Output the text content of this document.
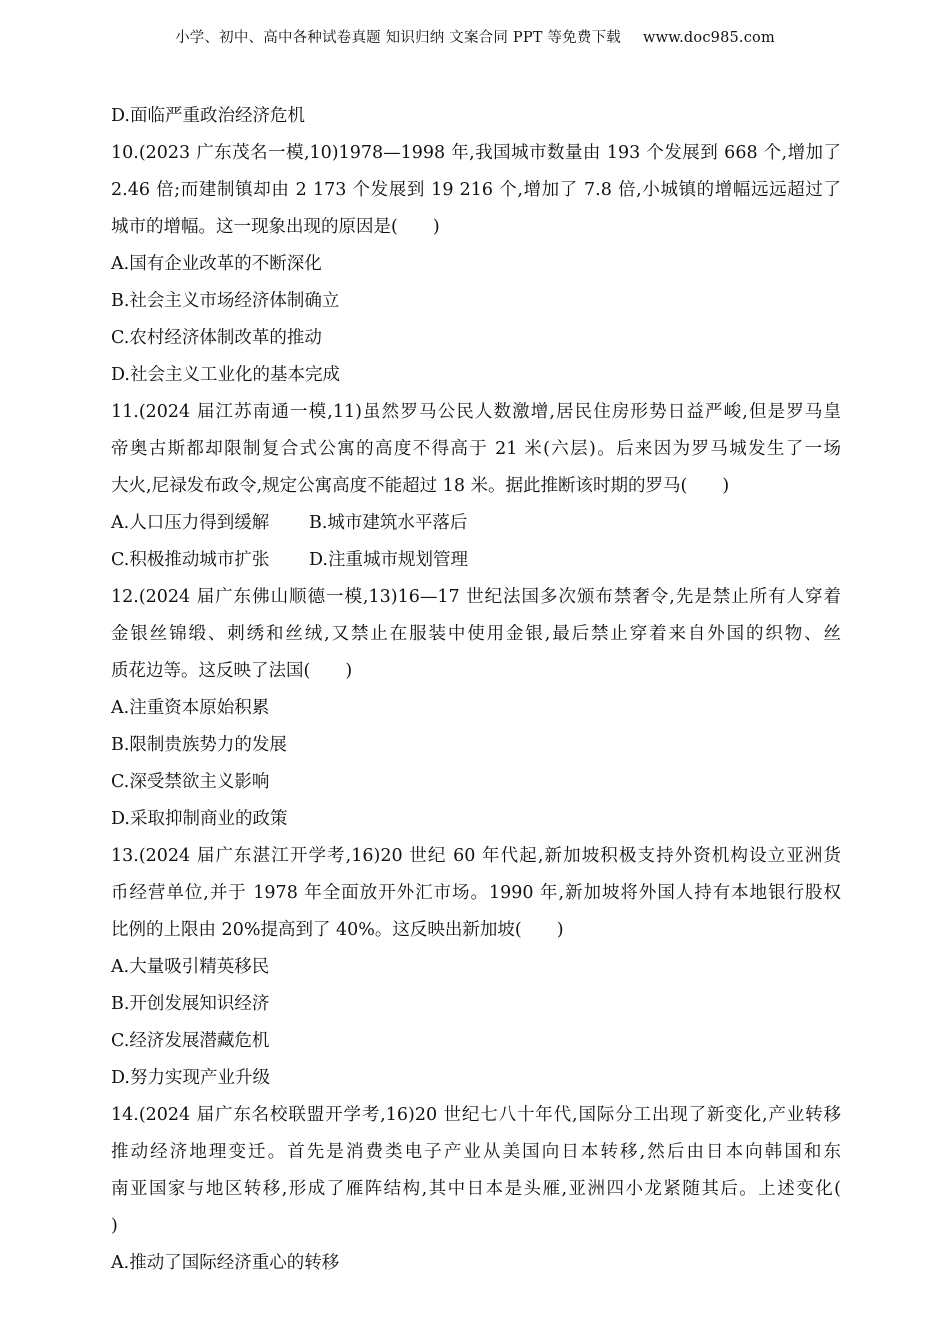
小学、初中、高中各种试卷真题 知识归纳 文案合同 PPT 等免费下载 www.doc985.com
D.面临严重政治经济危机
10.(2023 广东茂名一模,10)1978—1998 年,我国城市数量由 193 个发展到 668 个,增加了
2.46 倍;而建制镇却由 2 173 个发展到 19 216 个,增加了 7.8 倍,小城镇的增幅远远超过了
城市的增幅。这一现象出现的原因是(　　)
A.国有企业改革的不断深化
B.社会主义市场经济体制确立
C.农村经济体制改革的推动
D.社会主义工业化的基本完成
11.(2024 届江苏南通一模,11)虽然罗马公民人数激增,居民住房形势日益严峻,但是罗马皇
帝奥古斯都却限制复合式公寓的高度不得高于 21 米(六层)。后来因为罗马城发生了一场
大火,尼禄发布政令,规定公寓高度不能超过 18 米。据此推断该时期的罗马(　　)
A.人口压力得到缓解	B.城市建筑水平落后
C.积极推动城市扩张	D.注重城市规划管理
12.(2024 届广东佛山顺德一模,13)16—17 世纪法国多次颁布禁奢令,先是禁止所有人穿着
金银丝锦缎、刺绣和丝绒,又禁止在服装中使用金银,最后禁止穿着来自外国的织物、丝
质花边等。这反映了法国(　　)
A.注重资本原始积累
B.限制贵族势力的发展
C.深受禁欲主义影响
D.采取抑制商业的政策
13.(2024 届广东湛江开学考,16)20 世纪 60 年代起,新加坡积极支持外资机构设立亚洲货
币经营单位,并于 1978 年全面放开外汇市场。1990 年,新加坡将外国人持有本地银行股权
比例的上限由 20%提高到了 40%。这反映出新加坡(　　)
A.大量吸引精英移民
B.开创发展知识经济
C.经济发展潜藏危机
D.努力实现产业升级
14.(2024 届广东名校联盟开学考,16)20 世纪七八十年代,国际分工出现了新变化,产业转移
推动经济地理变迁。首先是消费类电子产业从美国向日本转移,然后由日本向韩国和东
南亚国家与地区转移,形成了雁阵结构,其中日本是头雁,亚洲四小龙紧随其后。上述变化(
)
A.推动了国际经济重心的转移
